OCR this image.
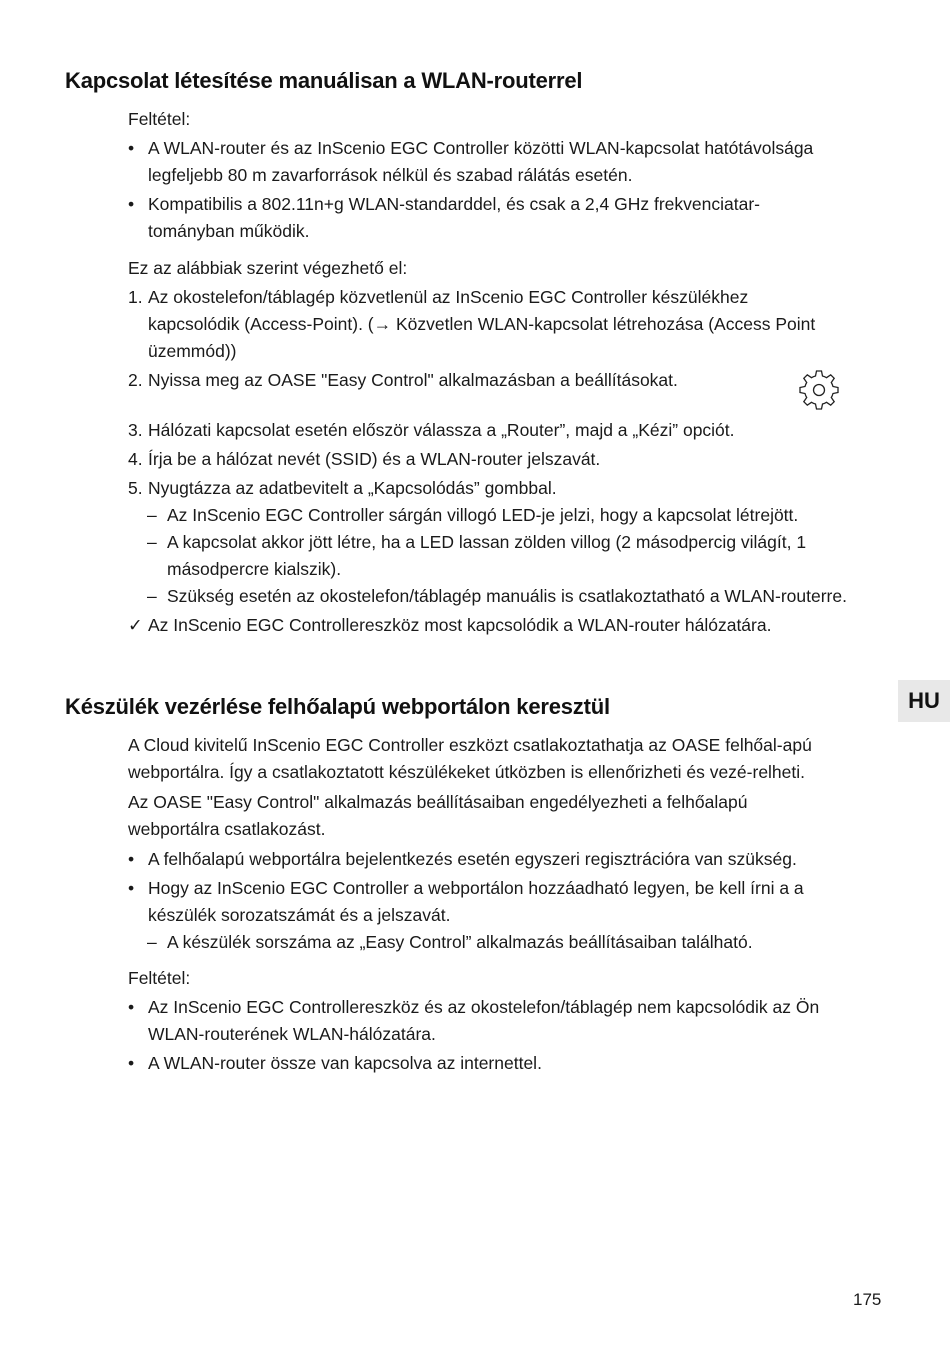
Kapcsolat létesítése manuálisan a WLAN-routerrel

Feltétel:

• A WLAN-router és az InScenio EGC Controller közötti WLAN-kapcsolat hatótávolsága legfeljebb 80 m zavarforrások nélkül és szabad rálátás esetén.

• Kompatibilis a 802.11n+g WLAN-standarddel, és csak a 2,4 GHz frekvenciatar-tományban működik.

Ez az alábbiak szerint végezhető el:

1. Az okostelefon/táblagép közvetlenül az InScenio EGC Controller készülékhez kapcsolódik (Access-Point). (→ Közvetlen WLAN-kapcsolat létrehozása (Access Point üzemmód))

2. Nyissa meg az OASE "Easy Control" alkalmazásban a beállításokat.

3. Hálózati kapcsolat esetén először válassza a „Router”, majd a „Kézi” opciót.

4. Írja be a hálózat nevét (SSID) és a WLAN-router jelszavát.

5. Nyugtázza az adatbevitelt a „Kapcsolódás” gombbal.

– Az InScenio EGC Controller sárgán villogó LED-je jelzi, hogy a kapcsolat létrejött.

– A kapcsolat akkor jött létre, ha a LED lassan zölden villog (2 másodpercig világít, 1 másodpercre kialszik).

– Szükség esetén az okostelefon/táblagép manuális is csatlakoztatható a WLAN-routerre.

✓ Az InScenio EGC Controllereszköz most kapcsolódik a WLAN-router hálózatára.

Készülék vezérlése felhőalapú webportálon keresztül

A Cloud kivitelű InScenio EGC Controller eszközt csatlakoztathatja az OASE felhőal-apú webportálra. Így a csatlakoztatott készülékeket útközben is ellenőrizheti és vezé-relheti.

Az OASE "Easy Control" alkalmazás beállításaiban engedélyezheti a felhőalapú webportálra csatlakozást.

• A felhőalapú webportálra bejelentkezés esetén egyszeri regisztrációra van szükség.

• Hogy az InScenio EGC Controller a webportálon hozzáadható legyen, be kell írni a a készülék sorozatszámát és a jelszavát.

– A készülék sorszáma az „Easy Control” alkalmazás beállításaiban található.

Feltétel:

• Az InScenio EGC Controllereszköz és az okostelefon/táblagép nem kapcsolódik az Ön WLAN-routerének WLAN-hálózatára.

• A WLAN-router össze van kapcsolva az internettel.

HU
175
